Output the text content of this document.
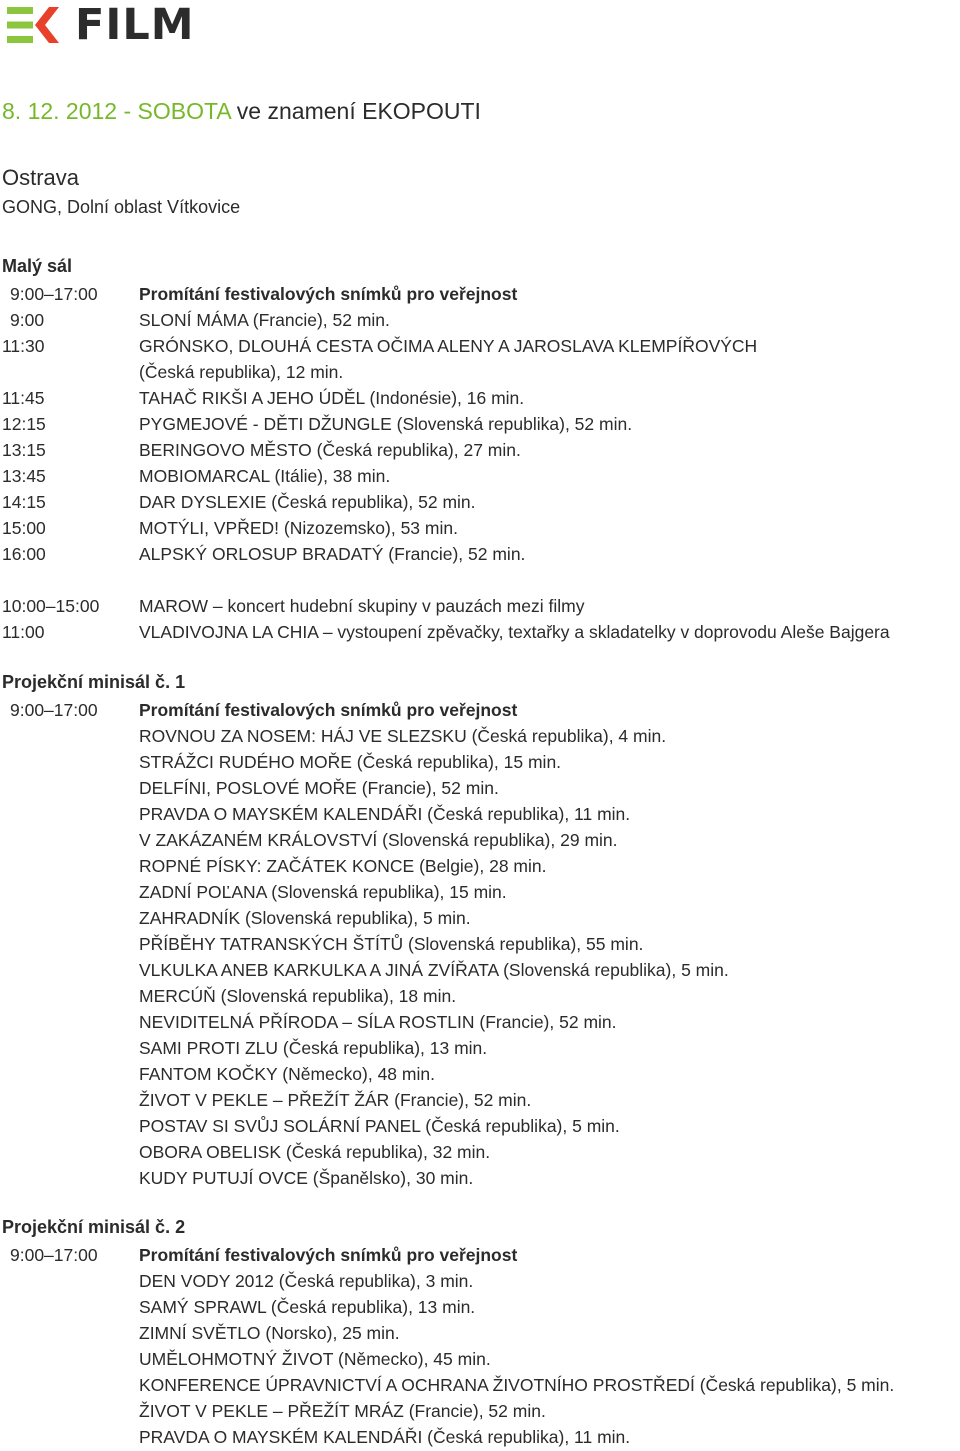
FILM
8. 12. 2012 - SOBOTA ve znamení EKOPOUTI
Ostrava
GONG, Dolní oblast Vítkovice
Malý sál
9:00–17:00	Promítání festivalových snímků pro veřejnost
9:00	SLONÍ MÁMA (Francie), 52 min.
11:30	GRÓNSKO, DLOUHÁ CESTA OČIMA ALENY A JAROSLAVA KLEMPÍŘOVÝCH
(Česká republika), 12 min.
11:45	TAHAČ RIKŠI A JEHO ÚDĚL (Indonésie), 16 min.
12:15	PYGMEJOVÉ - DĚTI DŽUNGLE (Slovenská republika), 52 min.
13:15	BERINGOVO MĚSTO (Česká republika), 27 min.
13:45	MOBIOMARCAL (Itálie), 38 min.
14:15	DAR DYSLEXIE (Česká republika), 52 min.
15:00	MOTÝLI, VPŘED! (Nizozemsko), 53 min.
16:00	ALPSKÝ ORLOSUP BRADATÝ (Francie), 52 min.
10:00–15:00	MAROW – koncert hudební skupiny v pauzách mezi filmy
11:00	VLADIVOJNA LA CHIA – vystoupení zpěvačky, textařky a skladatelky v doprovodu Aleše Bajgera
Projekční minisál č. 1
9:00–17:00	Promítání festivalových snímků pro veřejnost
ROVNOU ZA NOSEM: HÁJ VE SLEZSKU (Česká republika), 4 min.
STRÁŽCI RUDÉHO MOŘE (Česká republika), 15 min.
DELFÍNI, POSLOVÉ MOŘE (Francie), 52 min.
PRAVDA O MAYSKÉM KALENDÁŘI (Česká republika), 11 min.
V ZAKÁZANÉM KRÁLOVSTVÍ (Slovenská republika), 29 min.
ROPNÉ PÍSKY: ZAČÁTEK KONCE (Belgie), 28 min.
ZADNÍ POĽANA (Slovenská republika), 15 min.
ZAHRADNÍK (Slovenská republika), 5 min.
PŘÍBĚHY TATRANSKÝCH ŠTÍTŮ (Slovenská republika), 55 min.
VLKULKA ANEB KARKULKA A JINÁ ZVÍŘATA (Slovenská republika), 5 min.
MERCÚŇ (Slovenská republika), 18 min.
NEVIDITELNÁ PŘÍRODA – SÍLA ROSTLIN (Francie), 52 min.
SAMI PROTI ZLU (Česká republika), 13 min.
FANTOM KOČKY (Německo), 48 min.
ŽIVOT V PEKLE – PŘEŽÍT ŽÁR (Francie), 52 min.
POSTAV SI SVŮJ SOLÁRNÍ PANEL (Česká republika), 5 min.
OBORA OBELISK (Česká republika), 32 min.
KUDY PUTUJÍ OVCE (Španělsko), 30 min.
Projekční minisál č. 2
9:00–17:00	Promítání festivalových snímků pro veřejnost
DEN VODY 2012 (Česká republika), 3 min.
SAMÝ SPRAWL (Česká republika), 13 min.
ZIMNÍ SVĚTLO (Norsko), 25 min.
UMĚLOHMOTNÝ ŽIVOT (Německo), 45 min.
KONFERENCE ÚPRAVNICTVÍ A OCHRANA ŽIVOTNÍHO PROSTŘEDÍ (Česká republika), 5 min.
ŽIVOT V PEKLE – PŘEŽÍT MRÁZ (Francie), 52 min.
PRAVDA O MAYSKÉM KALENDÁŘI (Česká republika), 11 min.
